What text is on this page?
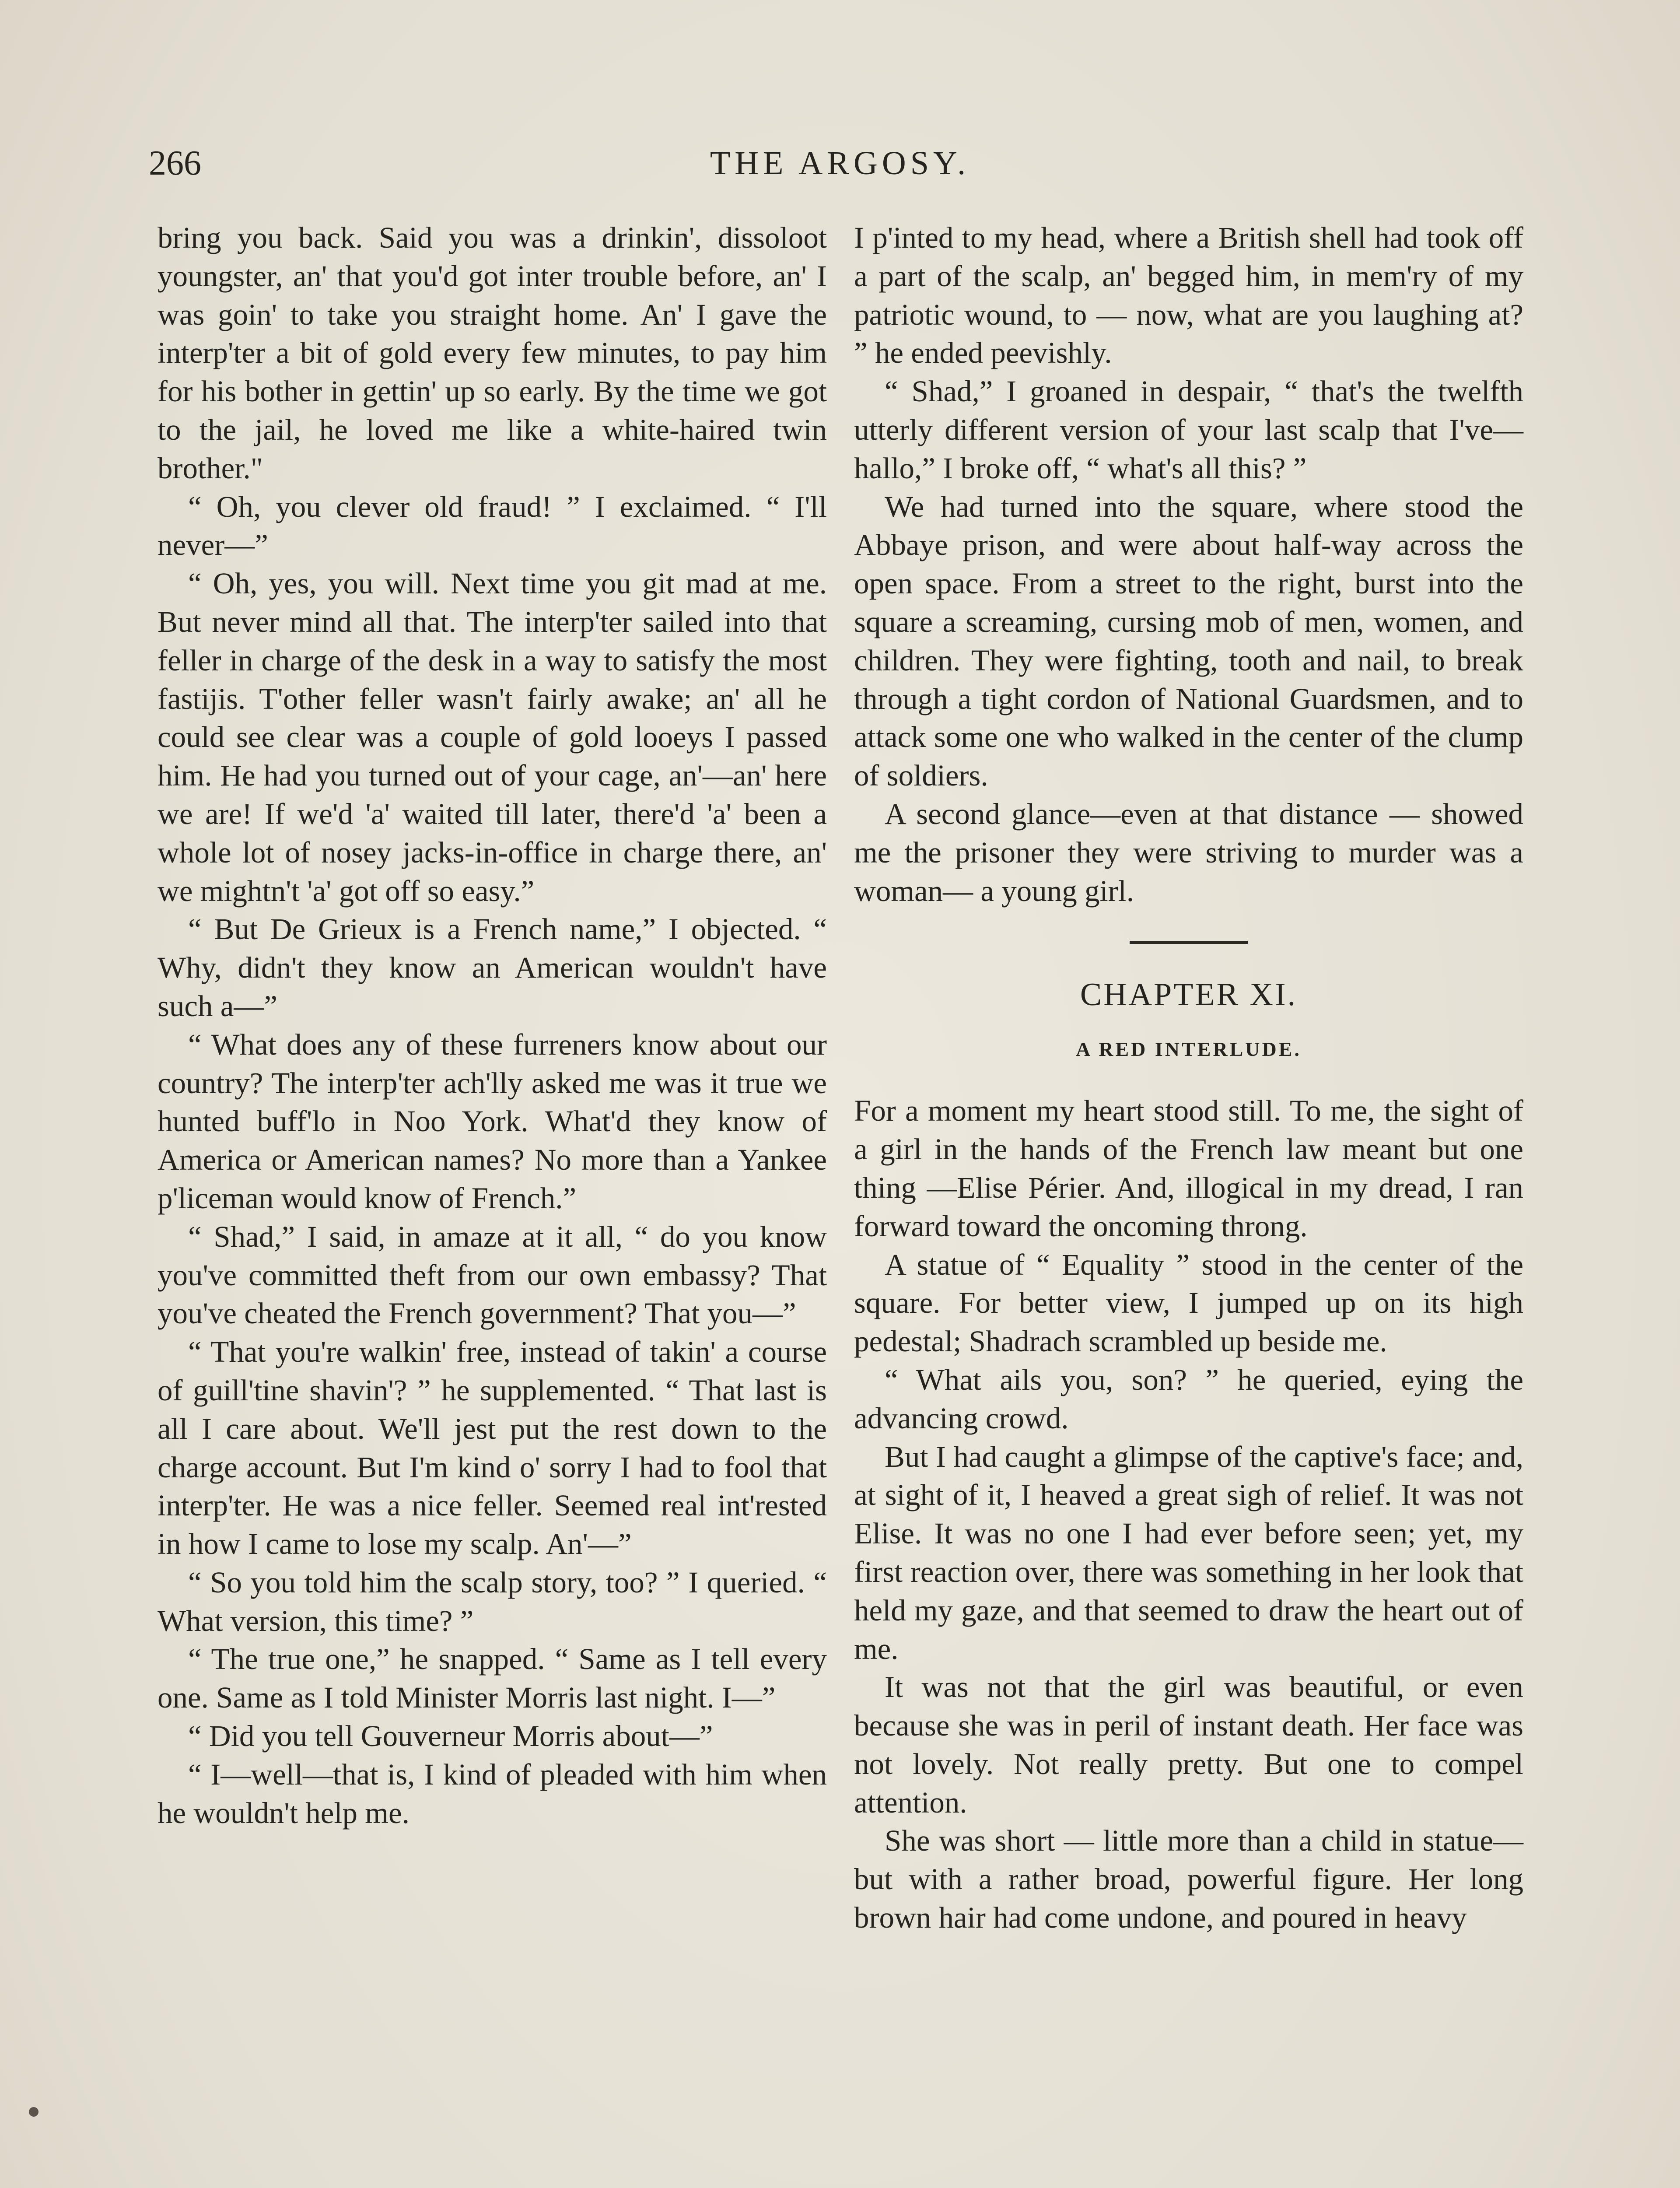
266	THE ARGOSY.

bring you back. Said you was a drinkin', dissoloot youngster, an' that you'd got inter trouble before, an' I was goin' to take you straight home. An' I gave the interp'ter a bit of gold every few minutes, to pay him for his bother in gettin' up so early. By the time we got to the jail, he loved me like a white-haired twin brother."

“ Oh, you clever old fraud! ” I exclaimed. “ I'll never—”

“ Oh, yes, you will. Next time you git mad at me. But never mind all that. The interp'ter sailed into that feller in charge of the desk in a way to satisfy the most fastijis. T'other feller wasn't fairly awake; an' all he could see clear was a couple of gold looeys I passed him. He had you turned out of your cage, an'—an' here we are! If we'd 'a' waited till later, there'd 'a' been a whole lot of nosey jacks-in-office in charge there, an' we mightn't 'a' got off so easy.”

“ But De Grieux is a French name,” I objected. “ Why, didn't they know an American wouldn't have such a—”

“ What does any of these furreners know about our country? The interp'ter ach'lly asked me was it true we hunted buff'lo in Noo York. What'd they know of America or American names? No more than a Yankee p'liceman would know of French.”

“ Shad,” I said, in amaze at it all, “ do you know you've committed theft from our own embassy? That you've cheated the French government? That you—”

“ That you're walkin' free, instead of takin' a course of guill'tine shavin'? ” he supplemented. “ That last is all I care about. We'll jest put the rest down to the charge account. But I'm kind o' sorry I had to fool that interp'ter. He was a nice feller. Seemed real int'rested in how I came to lose my scalp. An'—”

“ So you told him the scalp story, too? ” I queried. “ What version, this time? ”

“ The true one,” he snapped. “ Same as I tell every one. Same as I told Minister Morris last night. I—”

“ Did you tell Gouverneur Morris about—”

“ I—well—that is, I kind of pleaded with him when he wouldn't help me.

I p'inted to my head, where a British shell had took off a part of the scalp, an' begged him, in mem'ry of my patriotic wound, to — now, what are you laughing at? ” he ended peevishly.

“ Shad,” I groaned in despair, “ that's the twelfth utterly different version of your last scalp that I've—hallo,” I broke off, “ what's all this? ”

We had turned into the square, where stood the Abbaye prison, and were about half-way across the open space. From a street to the right, burst into the square a screaming, cursing mob of men, women, and children. They were fighting, tooth and nail, to break through a tight cordon of National Guardsmen, and to attack some one who walked in the center of the clump of soldiers.

A second glance—even at that distance — showed me the prisoner they were striving to murder was a woman— a young girl.

CHAPTER XI.
A RED INTERLUDE.

For a moment my heart stood still. To me, the sight of a girl in the hands of the French law meant but one thing —Elise Périer. And, illogical in my dread, I ran forward toward the oncoming throng.

A statue of “ Equality ” stood in the center of the square. For better view, I jumped up on its high pedestal; Shadrach scrambled up beside me.

“ What ails you, son? ” he queried, eying the advancing crowd.

But I had caught a glimpse of the captive's face; and, at sight of it, I heaved a great sigh of relief. It was not Elise. It was no one I had ever before seen; yet, my first reaction over, there was something in her look that held my gaze, and that seemed to draw the heart out of me.

It was not that the girl was beautiful, or even because she was in peril of instant death. Her face was not lovely. Not really pretty. But one to compel attention.

She was short — little more than a child in statue—but with a rather broad, powerful figure. Her long brown hair had come undone, and poured in heavy
